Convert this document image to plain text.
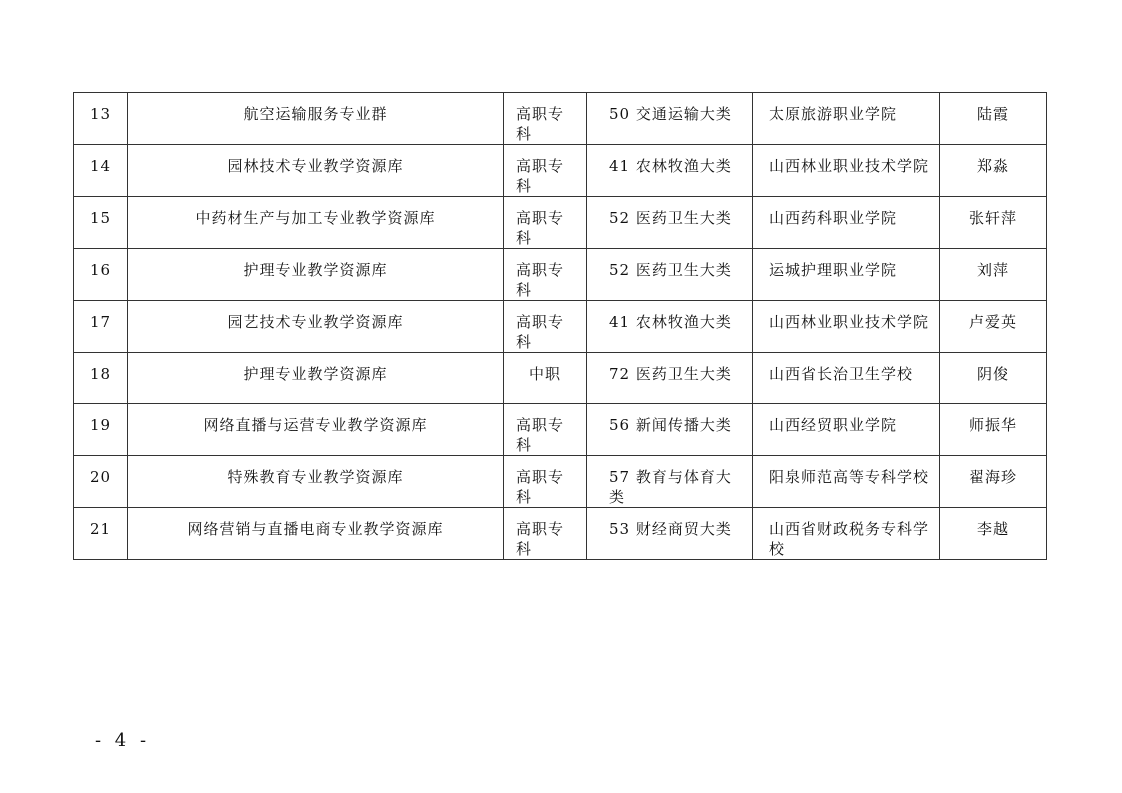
13	航空运输服务专业群	高职专科	50 交通运输大类	太原旅游职业学院	陆霞

14	园林技术专业教学资源库	高职专科	41 农林牧渔大类	山西林业职业技术学院	郑淼

15	中药材生产与加工专业教学资源库	高职专科	52 医药卫生大类	山西药科职业学院	张轩萍

16	护理专业教学资源库	高职专科	52 医药卫生大类	运城护理职业学院	刘萍

17	园艺技术专业教学资源库	高职专科	41 农林牧渔大类	山西林业职业技术学院	卢爱英

18	护理专业教学资源库	中职	72 医药卫生大类	山西省长治卫生学校	阴俊

19	网络直播与运营专业教学资源库	高职专科	56 新闻传播大类	山西经贸职业学院	师振华

20	特殊教育专业教学资源库	高职专科	57 教育与体育大类	阳泉师范高等专科学校	翟海珍

21	网络营销与直播电商专业教学资源库	高职专科	53 财经商贸大类	山西省财政税务专科学校	李越
- 4 -
